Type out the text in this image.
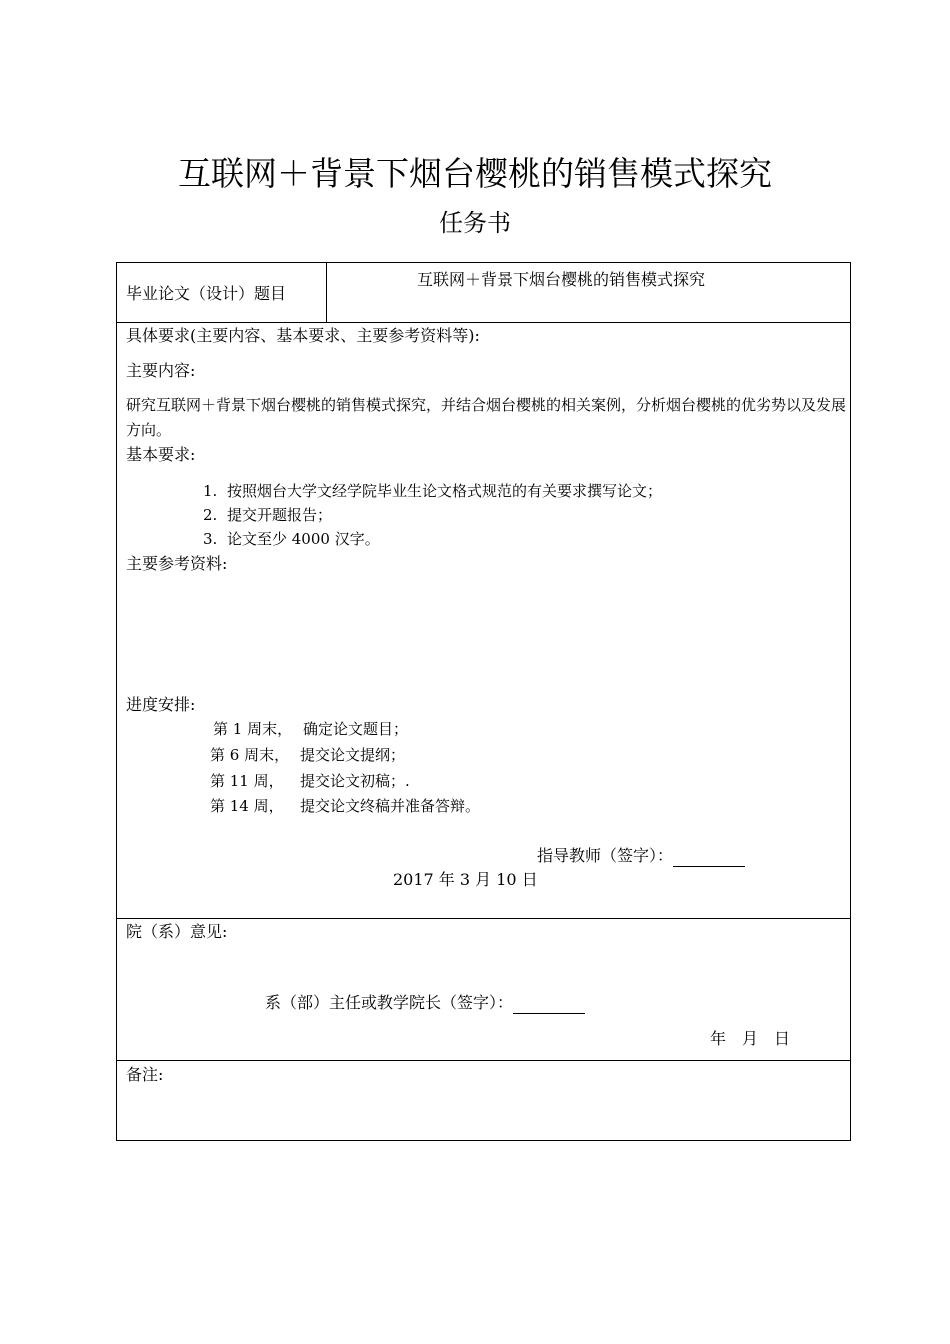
互联网＋背景下烟台樱桃的销售模式探究
任务书
毕业论文（设计）题目
互联网＋背景下烟台樱桃的销售模式探究
具体要求(主要内容、基本要求、主要参考资料等):
主要内容:
研究互联网＋背景下烟台樱桃的销售模式探究，并结合烟台樱桃的相关案例，分析烟台樱桃的优劣势以及发展方向。
基本要求:
1. 按照烟台大学文经学院毕业生论文格式规范的有关要求撰写论文；
2. 提交开题报告；
3. 论文至少 4000 汉字。
主要参考资料:
进度安排:
第 1 周末， 确定论文题目；
第 6 周末， 提交论文提纲；
第 11 周， 提交论文初稿；.
第 14 周， 提交论文终稿并准备答辩。
指导教师（签字）：
2017 年 3 月 10 日
院（系）意见:
系（部）主任或教学院长（签字）：
年　月　日
备注:
